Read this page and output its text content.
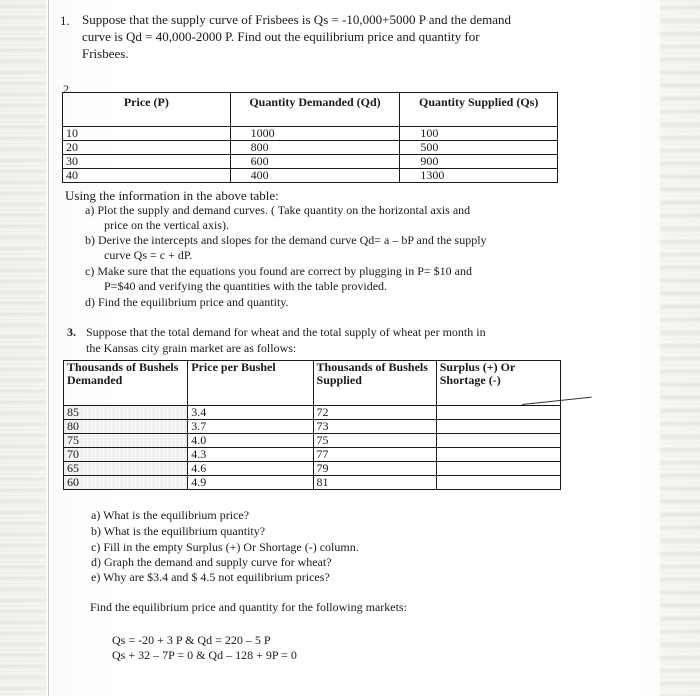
1. Suppose that the supply curve of Frisbees is Qs = -10,000+5000 P and the demand
curve is Qd = 40,000-2000 P. Find out the equilibrium price and quantity for
Frisbees.
2.
Price (P)	Quantity Demanded (Qd)	Quantity Supplied (Qs)
10	1000	100
20	800	500
30	600	900
40	400	1300
Using the information in the above table:
a) Plot the supply and demand curves. ( Take quantity on the horizontal axis and
price on the vertical axis).
b) Derive the intercepts and slopes for the demand curve Qd= a – bP and the supply
curve Qs = c + dP.
c) Make sure that the equations you found are correct by plugging in P= $10 and
P=$40 and verifying the quantities with the table provided.
d) Find the equilibrium price and quantity.
3. Suppose that the total demand for wheat and the total supply of wheat per month in
the Kansas city grain market are as follows:
Thousands of Bushels Demanded	Price per Bushel	Thousands of Bushels Supplied	Surplus (+) Or Shortage (-)
85	3.4	72	
80	3.7	73	
75	4.0	75	
70	4.3	77	
65	4.6	79	
60	4.9	81	
a) What is the equilibrium price?
b) What is the equilibrium quantity?
c) Fill in the empty Surplus (+) Or Shortage (-) column.
d) Graph the demand and supply curve for wheat?
e) Why are $3.4 and $ 4.5 not equilibrium prices?
Find the equilibrium price and quantity for the following markets:
Qs = -20 + 3 P & Qd = 220 – 5 P
Qs + 32 – 7P = 0 & Qd – 128 + 9P = 0
